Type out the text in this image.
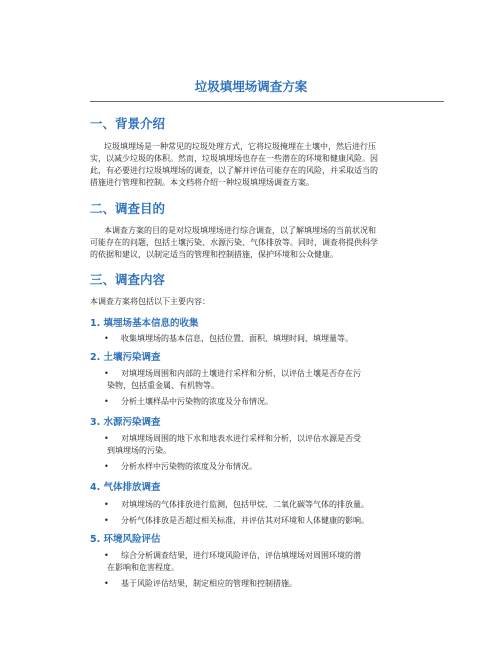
垃圾填埋场调查方案
一、背景介绍
垃圾填埋场是一种常见的垃圾处理方式，它将垃圾掩埋在土壤中，然后进行压
实，以减少垃圾的体积。然而，垃圾填埋场也存在一些潜在的环境和健康风险。因
此，有必要进行垃圾填埋场的调查，以了解并评估可能存在的风险，并采取适当的
措施进行管理和控制。本文档将介绍一种垃圾填埋场调查方案。
二、调查目的
本调查方案的目的是对垃圾填埋场进行综合调查，以了解填埋场的当前状况和
可能存在的问题，包括土壤污染、水源污染、气体排放等。同时，调查将提供科学
的依据和建议，以制定适当的管理和控制措施，保护环境和公众健康。
三、调查内容
本调查方案将包括以下主要内容：
1. 填埋场基本信息的收集
• 收集填埋场的基本信息，包括位置、面积、填埋时间、填埋量等。
2. 土壤污染调查
• 对填埋场周围和内部的土壤进行采样和分析，以评估土壤是否存在污
染物，包括重金属、有机物等。
• 分析土壤样品中污染物的浓度及分布情况。
3. 水源污染调查
• 对填埋场周围的地下水和地表水进行采样和分析，以评估水源是否受
到填埋场的污染。
• 分析水样中污染物的浓度及分布情况。
4. 气体排放调查
• 对填埋场的气体排放进行监测，包括甲烷、二氧化碳等气体的排放量。
• 分析气体排放是否超过相关标准，并评估其对环境和人体健康的影响。
5. 环境风险评估
• 综合分析调查结果，进行环境风险评估，评估填埋场对周围环境的潜
在影响和危害程度。
• 基于风险评估结果，制定相应的管理和控制措施。
